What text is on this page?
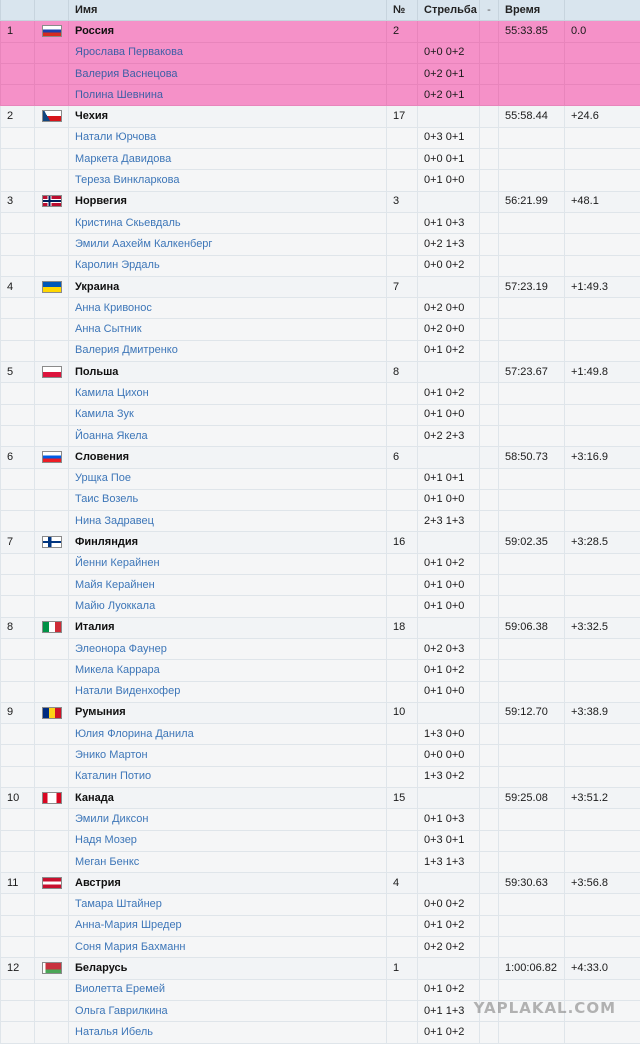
		Имя	№	Стрельба	-	Время	
1		Россия	2			55:33.85	0.0
		Ярослава Первакова		0+0 0+2			
		Валерия Васнецова		0+2 0+1			
		Полина Шевнина		0+2 0+1			
2		Чехия	17			55:58.44	+24.6
		Натали Юрчова		0+3 0+1			
		Маркета Давидова		0+0 0+1			
		Тереза Винкларкова		0+1 0+0			
3		Норвегия	3			56:21.99	+48.1
		Кристина Скьевдаль		0+1 0+3			
		Эмили Аахейм Калкенберг		0+2 1+3			
		Каролин Эрдаль		0+0 0+2			
4		Украина	7			57:23.19	+1:49.3
		Анна Кривонос		0+2 0+0			
		Анна Сытник		0+2 0+0			
		Валерия Дмитренко		0+1 0+2			
5		Польша	8			57:23.67	+1:49.8
		Камила Цихон		0+1 0+2			
		Камила Зук		0+1 0+0			
		Йоанна Якела		0+2 2+3			
6		Словения	6			58:50.73	+3:16.9
		Урщка Пое		0+1 0+1			
		Таис Возель		0+1 0+0			
		Нина Задравец		2+3 1+3			
7		Финляндия	16			59:02.35	+3:28.5
		Йенни Керайнен		0+1 0+2			
		Майя Керайнен		0+1 0+0			
		Майю Луоккала		0+1 0+0			
8		Италия	18			59:06.38	+3:32.5
		Элеонора Фаунер		0+2 0+3			
		Микела Каррара		0+1 0+2			
		Натали Виденхофер		0+1 0+0			
9		Румыния	10			59:12.70	+3:38.9
		Юлия Флорина Данила		1+3 0+0			
		Энико Мартон		0+0 0+0			
		Каталин Потио		1+3 0+2			
10		Канада	15			59:25.08	+3:51.2
		Эмили Диксон		0+1 0+3			
		Надя Мозер		0+3 0+1			
		Меган Бенкс		1+3 1+3			
11		Австрия	4			59:30.63	+3:56.8
		Тамара Штайнер		0+0 0+2			
		Анна-Мария Шредер		0+1 0+2			
		Соня Мария Бахманн		0+2 0+2			
12		Беларусь	1			1:00:06.82	+4:33.0
		Виолетта Еремей		0+1 0+2			
		Ольга Гаврилкина		0+1 1+3			
		Наталья Ибель		0+1 0+2			
YAPLAKAL.COM
